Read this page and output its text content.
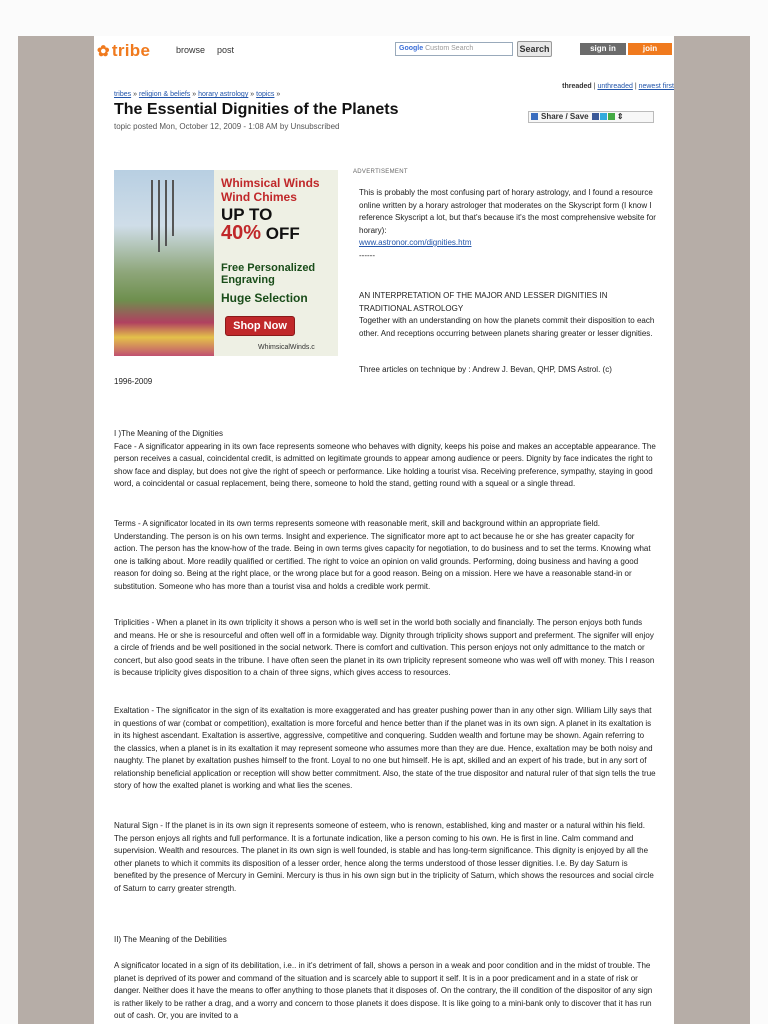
✿ tribe	browse post	Google Custom Search	Search	sign in	join
threaded | unthreaded | newest first
tribes » religion & beliefs » horary astrology » topics »
The Essential Dignities of the Planets
topic posted Mon, October 12, 2009 - 1:08 AM by Unsubscribed
Share / Save	⇕
Whimsical Winds
Wind Chimes
UP TO
40% OFF
Free Personalized
Engraving
Huge Selection
Shop Now
WhimsicalWinds.c
ADVERTISEMENT

This is probably the most confusing part of horary astrology, and I found a resource online written by a horary astrologer that moderates on the Skyscript form (I know I reference Skyscript a lot, but that's because it's the most comprehensive website for horary):
www.astronor.com/dignities.htm
------

AN INTERPRETATION OF THE MAJOR AND LESSER DIGNITIES IN TRADITIONAL ASTROLOGY
Together with an understanding on how the planets commit their disposition to each other. And receptions occurring between planets sharing greater or lesser dignities.

Three articles on technique by : Andrew J. Bevan, QHP, DMS Astrol. (c)

1996-2009

I )The Meaning of the Dignities
Face - A significator appearing in its own face represents someone who behaves with dignity, keeps his poise and makes an acceptable appearance. The person receives a casual, coincidental credit, is admitted on legitimate grounds to appear among audience or peers. Dignity by face indicates the right to show face and display, but does not give the right of speech or performance. Like holding a tourist visa. Receiving preference, sympathy, staying in good word, a coincidental or casual replacement, being there, someone to hold the stand, getting round with a squeal or a single thread.

Terms - A significator located in its own terms represents someone with reasonable merit, skill and background within an appropriate field. Understanding. The person is on his own terms. Insight and experience. The significator more apt to act because he or she has greater capacity for action. The person has the know-how of the trade. Being in own terms gives capacity for negotiation, to do business and to set the terms. Knowing what one is talking about. More readily qualified or certified. The right to voice an opinion on valid grounds. Performing, doing business and having a good reason for doing so. Being at the right place, or the wrong place but for a good reason. Being on a mission. Here we have a reasonable stand-in or substitution. Someone who has more than a tourist visa and holds a credible work permit.

Triplicities - When a planet in its own triplicity it shows a person who is well set in the world both socially and financially. The person enjoys both funds and means. He or she is resourceful and often well off in a formidable way. Dignity through triplicity shows support and preferment. The signifer will enjoy a circle of friends and be well positioned in the social network. There is comfort and cultivation. This person enjoys not only admittance to the match or concert, but also good seats in the tribune. I have often seen the planet in its own triplicity represent someone who was well off with money. This I reason is because triplicity gives disposition to a chain of three signs, which gives access to resources.

Exaltation - The significator in the sign of its exaltation is more exaggerated and has greater pushing power than in any other sign. William Lilly says that in questions of war (combat or competition), exaltation is more forceful and hence better than if the planet was in its own sign. A planet in its exaltation is in its highest ascendant. Exaltation is assertive, aggressive, competitive and conquering. Sudden wealth and fortune may be shown. Again referring to the classics, when a planet is in its exaltation it may represent someone who assumes more than they are due. Hence, exaltation may be both noisy and naughty. The planet by exaltation pushes himself to the front. Loyal to no one but himself. He is apt, skilled and an expert of his trade, but in any sort of relationship beneficial application or reception will show better commitment. Also, the state of the true dispositor and natural ruler of that sign tells the true story of how the exalted planet is working and what lies the scenes.

Natural Sign - If the planet is in its own sign it represents someone of esteem, who is renown, established, king and master or a natural within his field. The person enjoys all rights and full performance. It is a fortunate indication, like a person coming to his own. He is first in line. Calm command and supervision. Wealth and resources. The planet in its own sign is well founded, is stable and has long-term significance. This dignity is enjoyed by all the other planets to which it commits its disposition of a lesser order, hence along the terms understood of those lesser dignities. I.e. By day Saturn is benefited by the presence of Mercury in Gemini. Mercury is thus in his own sign but in the triplicity of Saturn, which shows the resources and social circle of Saturn to carry greater strength.

II) The Meaning of the Debilities

A significator located in a sign of its debilitation, i.e.. in it's detriment of fall, shows a person in a weak and poor condition and in the midst of trouble. The planet is deprived of its power and command of the situation and is scarcely able to support it self. It is in a poor predicament and in a state of risk or danger. Neither does it have the means to offer anything to those planets that it disposes of. On the contrary, the ill condition of the dispositor of any sign is rather likely to be rather a drag, and a worry and concern to those planets it does dispose. It is like going to a mini-bank only to discover that it has run out of cash. Or, you are invited to a
